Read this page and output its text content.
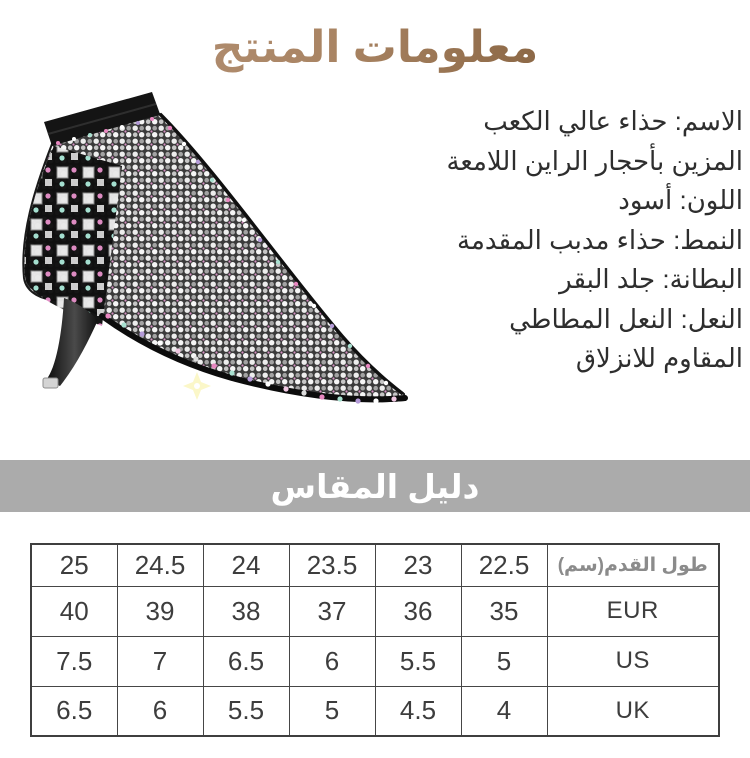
معلومات المنتج
الاسم: حذاء عالي الكعب
المزين بأحجار الراين اللامعة
اللون: أسود
النمط: حذاء مدبب المقدمة
البطانة: جلد البقر
النعل: النعل المطاطي
المقاوم للانزلاق
دليل المقاس
25	24.5	24	23.5	23	22.5	طول القدم(سم)
40	39	38	37	36	35	EUR
7.5	7	6.5	6	5.5	5	US
6.5	6	5.5	5	4.5	4	UK
